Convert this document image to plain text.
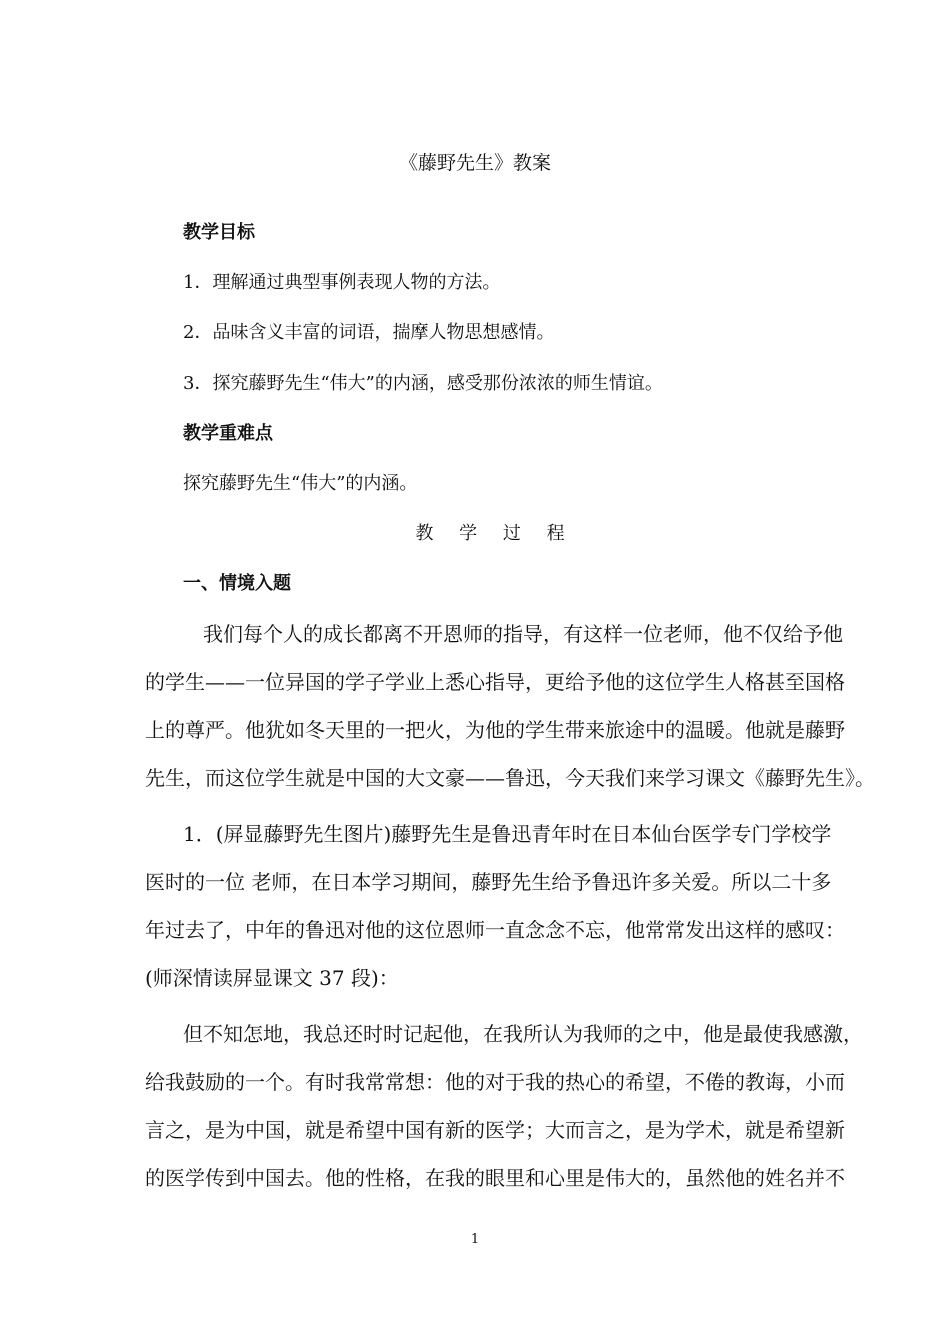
《藤野先生》教案
教学目标
1．理解通过典型事例表现人物的方法。
2．品味含义丰富的词语，揣摩人物思想感情。
3．探究藤野先生“伟大”的内涵，感受那份浓浓的师生情谊。
教学重难点
探究藤野先生“伟大”的内涵。
教 学 过 程
一、情境入题
我们每个人的成长都离不开恩师的指导，有这样一位老师，他不仅给予他
的学生——一位异国的学子学业上悉心指导，更给予他的这位学生人格甚至国格
上的尊严。他犹如冬天里的一把火，为他的学生带来旅途中的温暖。他就是藤野
先生，而这位学生就是中国的大文豪——鲁迅，今天我们来学习课文《藤野先生》。
1．(屏显藤野先生图片)藤野先生是鲁迅青年时在日本仙台医学专门学校学
医时的一位 老师，在日本学习期间，藤野先生给予鲁迅许多关爱。所以二十多
年过去了，中年的鲁迅对他的这位恩师一直念念不忘，他常常发出这样的感叹：
(师深情读屏显课文 37 段)：
但不知怎地，我总还时时记起他，在我所认为我师的之中，他是最使我感激，
给我鼓励的一个。有时我常常想：他的对于我的热心的希望，不倦的教诲，小而
言之，是为中国，就是希望中国有新的医学；大而言之，是为学术，就是希望新
的医学传到中国去。他的性格，在我的眼里和心里是伟大的，虽然他的姓名并不
1
